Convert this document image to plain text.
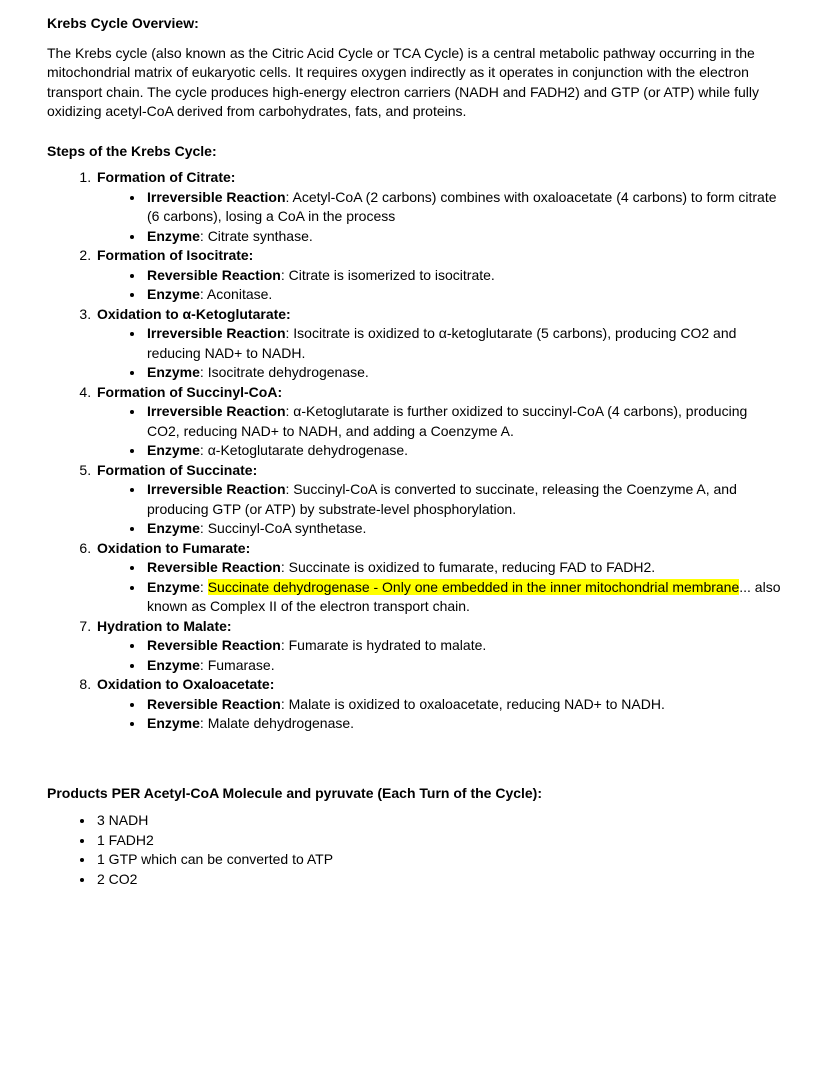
Krebs Cycle Overview:

The Krebs cycle (also known as the Citric Acid Cycle or TCA Cycle) is a central metabolic pathway occurring in the mitochondrial matrix of eukaryotic cells. It requires oxygen indirectly as it operates in conjunction with the electron transport chain. The cycle produces high-energy electron carriers (NADH and FADH2) and GTP (or ATP) while fully oxidizing acetyl-CoA derived from carbohydrates, fats, and proteins.

Steps of the Krebs Cycle:
1. Formation of Citrate:
• Irreversible Reaction: Acetyl-CoA (2 carbons) combines with oxaloacetate (4 carbons) to form citrate (6 carbons), losing a CoA in the process
• Enzyme: Citrate synthase.
2. Formation of Isocitrate:
• Reversible Reaction: Citrate is isomerized to isocitrate.
• Enzyme: Aconitase.
3. Oxidation to α-Ketoglutarate:
• Irreversible Reaction: Isocitrate is oxidized to α-ketoglutarate (5 carbons), producing CO2 and reducing NAD+ to NADH.
• Enzyme: Isocitrate dehydrogenase.
4. Formation of Succinyl-CoA:
• Irreversible Reaction: α-Ketoglutarate is further oxidized to succinyl-CoA (4 carbons), producing CO2, reducing NAD+ to NADH, and adding a Coenzyme A.
• Enzyme: α-Ketoglutarate dehydrogenase.
5. Formation of Succinate:
• Irreversible Reaction: Succinyl-CoA is converted to succinate, releasing the Coenzyme A, and producing GTP (or ATP) by substrate-level phosphorylation.
• Enzyme: Succinyl-CoA synthetase.
6. Oxidation to Fumarate:
• Reversible Reaction: Succinate is oxidized to fumarate, reducing FAD to FADH2.
• Enzyme: Succinate dehydrogenase - Only one embedded in the inner mitochondrial membrane... also known as Complex II of the electron transport chain.
7. Hydration to Malate:
• Reversible Reaction: Fumarate is hydrated to malate.
• Enzyme: Fumarase.
8. Oxidation to Oxaloacetate:
• Reversible Reaction: Malate is oxidized to oxaloacetate, reducing NAD+ to NADH.
• Enzyme: Malate dehydrogenase.
Products PER Acetyl-CoA Molecule and pyruvate (Each Turn of the Cycle):
• 3 NADH
• 1 FADH2
• 1 GTP which can be converted to ATP
• 2 CO2
